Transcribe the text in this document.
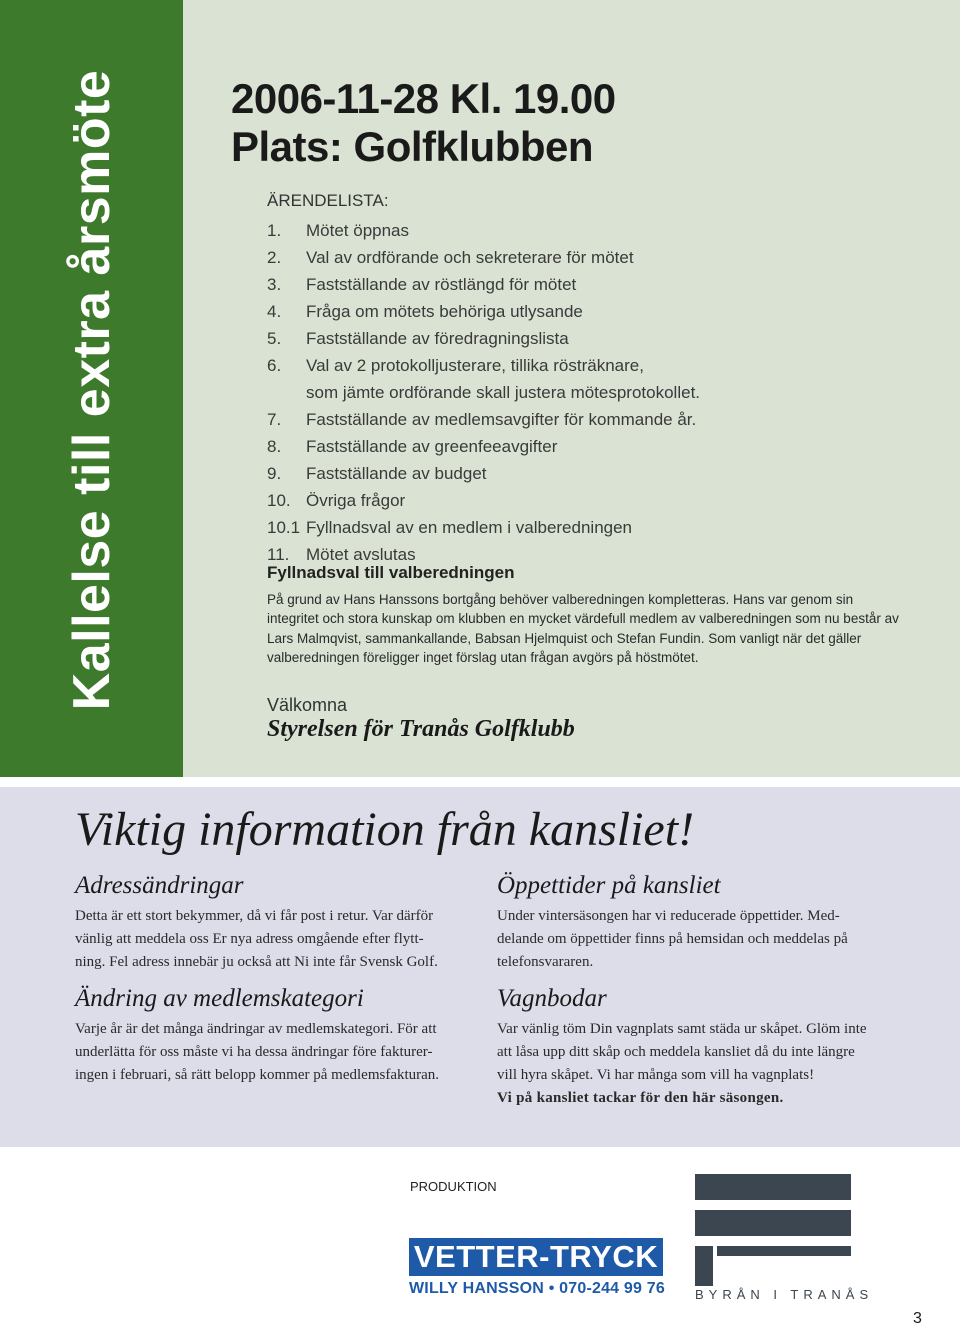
Kallelse till extra årsmöte	2006-11-28 Kl. 19.00
Plats: Golfklubben
ÄRENDELISTA:
1.	Mötet öppnas
2.	Val av ordförande och sekreterare för mötet
3.	Fastställande av röstlängd för mötet
4.	Fråga om mötets behöriga utlysande
5.	Fastställande av föredragningslista
6.	Val av 2 protokolljusterare, tillika rösträknare,
som jämte ordförande skall justera mötesprotokollet.
7.	Fastställande av medlemsavgifter för kommande år.
8.	Fastställande av greenfeeavgifter
9.	Fastställande av budget
10. Övriga frågor
10.1 Fyllnadsval av en medlem i valberedningen
11. Mötet avslutas
Fyllnadsval till valberedningen
På grund av Hans Hanssons bortgång behöver valberedningen kompletteras. Hans var genom sin integritet och stora kunskap om klubben en mycket värdefull medlem av valberedningen som nu består av Lars Malmqvist, sammankallande, Babsan Hjelmquist och Stefan Fundin. Som vanligt när det gäller valberedningen föreligger inget förslag utan frågan avgörs på höstmötet.
Välkomna
Styrelsen för Tranås Golfklubb
Viktig information från kansliet!
Adressändringar
Detta är ett stort bekymmer, då vi får post i retur. Var därför vänlig att meddela oss Er nya adress omgående efter flytt- ning. Fel adress innebär ju också att Ni inte får Svensk Golf.
Öppettider på kansliet
Under vintersäsongen har vi reducerade öppettider. Med- delande om öppettider finns på hemsidan och meddelas på telefonsvararen.
Ändring av medlemskategori
Varje år är det många ändringar av medlemskategori. För att underlätta för oss måste vi ha dessa ändringar före fakturer- ingen i februari, så rätt belopp kommer på medlemsfakturan.
Vagnbodar
Var vänlig töm Din vagnplats samt städa ur skåpet. Glöm inte att låsa upp ditt skåp och meddela kansliet då du inte längre vill hyra skåpet. Vi har många som vill ha vagnplats!
Vi på kansliet tackar för den här säsongen.
PRODUKTION
VETTER-TRYCK
WILLY HANSSON • 070-244 99 76 BYRÅN I TRANÅS
3
